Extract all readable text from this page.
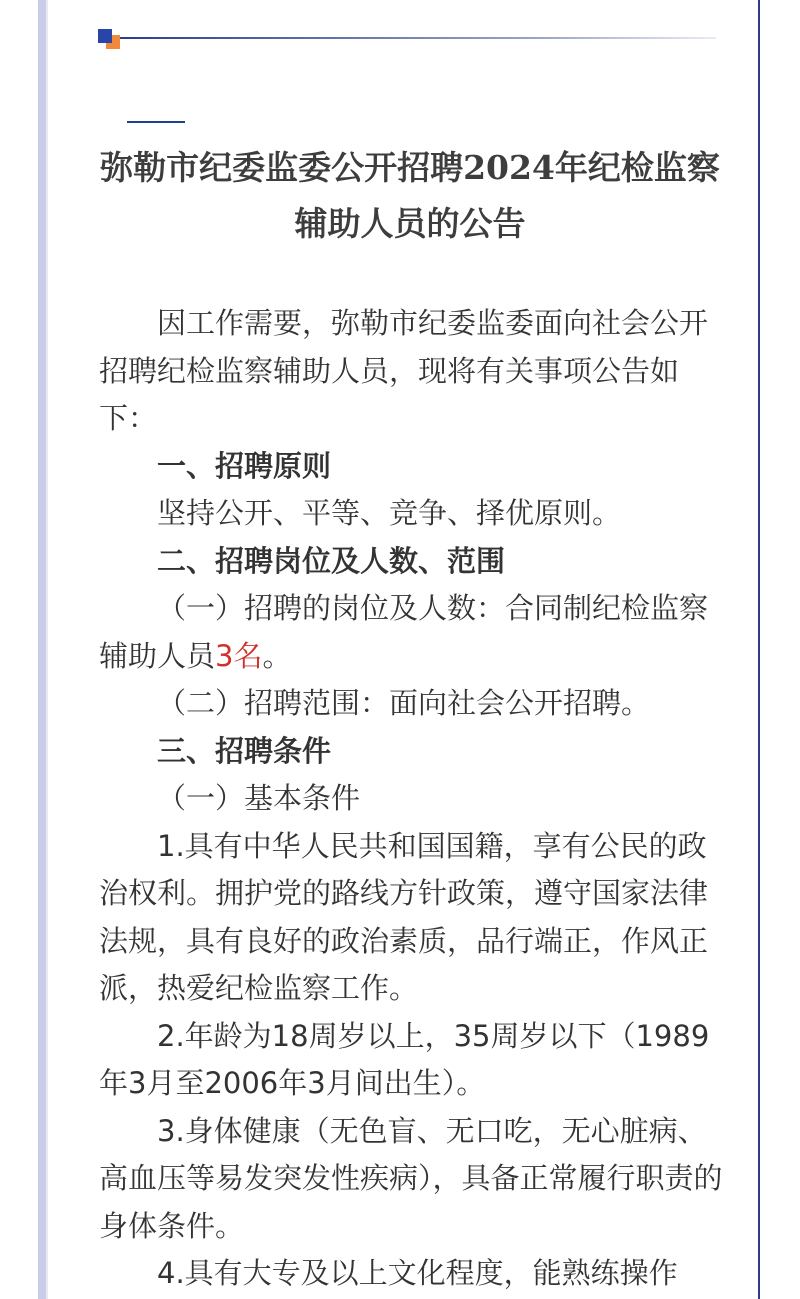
弥勒市纪委监委公开招聘2024年纪检监察辅助人员的公告

因工作需要，弥勒市纪委监委面向社会公开招聘纪检监察辅助人员，现将有关事项公告如下：

一、招聘原则

坚持公开、平等、竞争、择优原则。

二、招聘岗位及人数、范围

（一）招聘的岗位及人数：合同制纪检监察辅助人员3名。

（二）招聘范围：面向社会公开招聘。

三、招聘条件

（一）基本条件

1.具有中华人民共和国国籍，享有公民的政治权利。拥护党的路线方针政策，遵守国家法律法规，具有良好的政治素质，品行端正，作风正派，热爱纪检监察工作。

2.年龄为18周岁以上，35周岁以下（1989年3月至2006年3月间出生）。

3.身体健康（无色盲、无口吃，无心脏病、高血压等易发突发性疾病），具备正常履行职责的身体条件。

4.具有大专及以上文化程度，能熟练操作
